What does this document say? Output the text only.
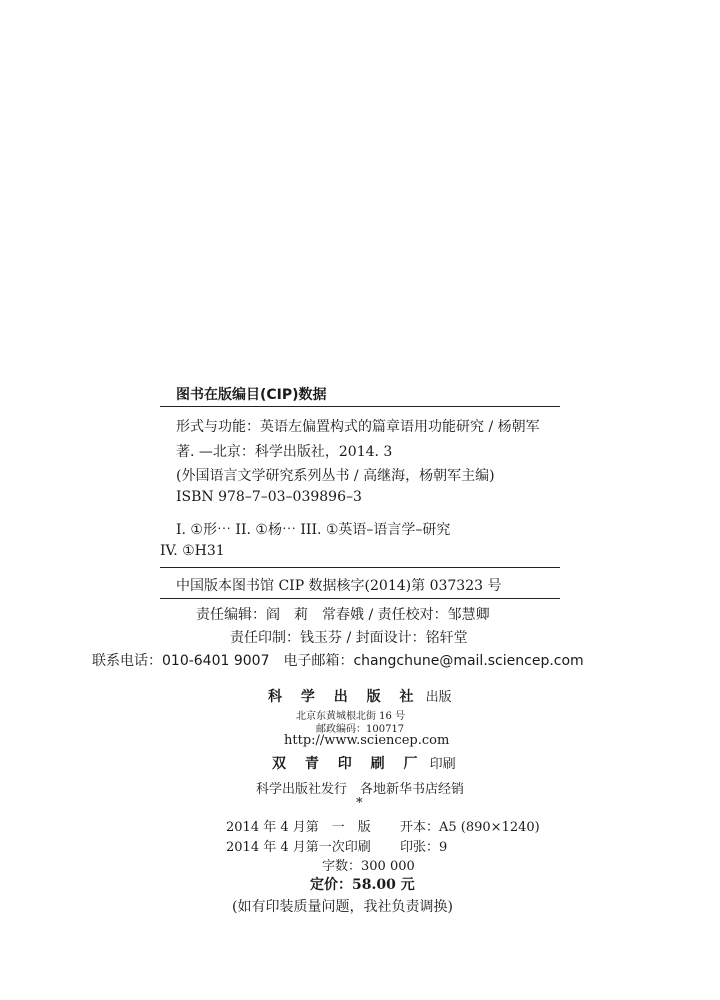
图书在版编目(CIP)数据
形式与功能：英语左偏置构式的篇章语用功能研究 / 杨朝军
著. —北京：科学出版社，2014. 3
(外国语言文学研究系列丛书 / 高继海，杨朝军主编)
ISBN 978–7–03–039896–3
I. ①形⋯ II. ①杨⋯ III. ①英语–语言学–研究
IV. ①H31
中国版本图书馆 CIP 数据核字(2014)第 037323 号
责任编辑：阎　莉　常春娥 / 责任校对：邹慧卿
责任印制：钱玉芬 / 封面设计：铭轩堂
联系电话：010-6401 9007　电子邮箱：changchune@mail.sciencep.com
科 学 出 版 社 出版
北京东黄城根北街 16 号
邮政编码：100717
http://www.sciencep.com
双 青 印 刷 厂 印刷
科学出版社发行　各地新华书店经销
*
2014 年 4 月第　一　版 开本：A5 (890×1240)
2014 年 4 月第一次印刷 印张：9
字数：300 000
定价：58.00 元
(如有印装质量问题，我社负责调换)
